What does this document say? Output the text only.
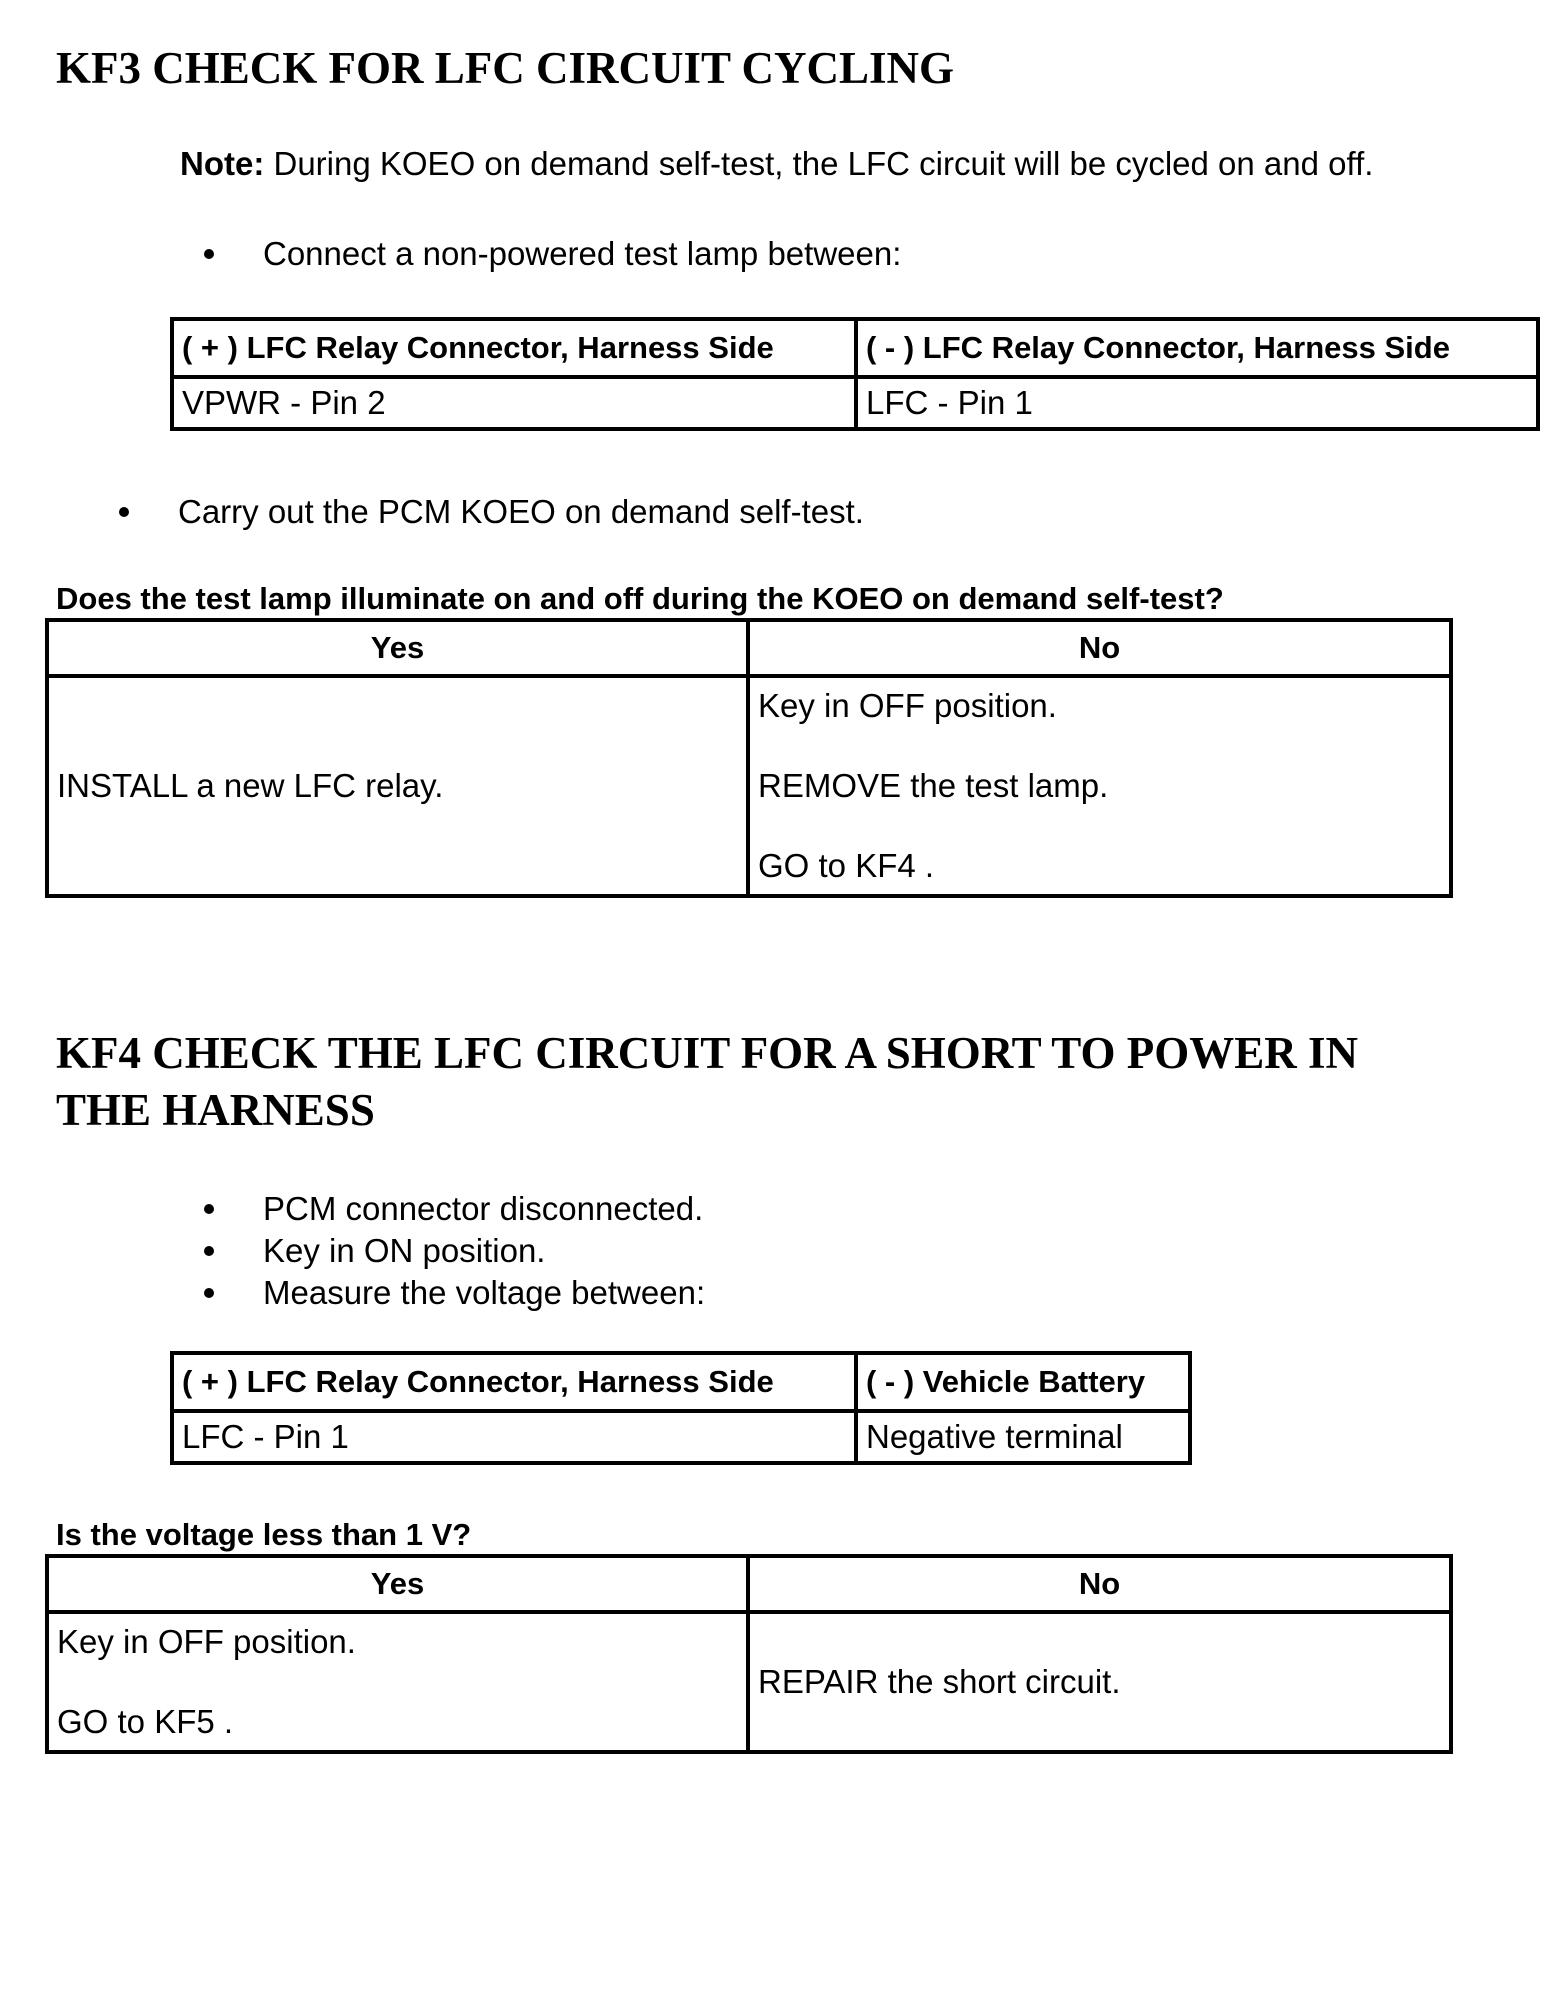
KF3 CHECK FOR LFC CIRCUIT CYCLING
Note: During KOEO on demand self-test, the LFC circuit will be cycled on and off.
Connect a non-powered test lamp between:
( + ) LFC Relay Connector, Harness Side	( - ) LFC Relay Connector, Harness Side
VPWR - Pin 2	LFC - Pin 1
Carry out the PCM KOEO on demand self-test.
Does the test lamp illuminate on and off during the KOEO on demand self-test?
Yes	No
INSTALL a new LFC relay.	Key in OFF position.
REMOVE the test lamp.
GO to KF4 .
KF4 CHECK THE LFC CIRCUIT FOR A SHORT TO POWER IN
THE HARNESS
PCM connector disconnected.
Key in ON position.
Measure the voltage between:
( + ) LFC Relay Connector, Harness Side	( - ) Vehicle Battery
LFC - Pin 1	Negative terminal
Is the voltage less than 1 V?
Yes	No

Key in OFF position.
GO to KF5 .	REPAIR the short circuit.
